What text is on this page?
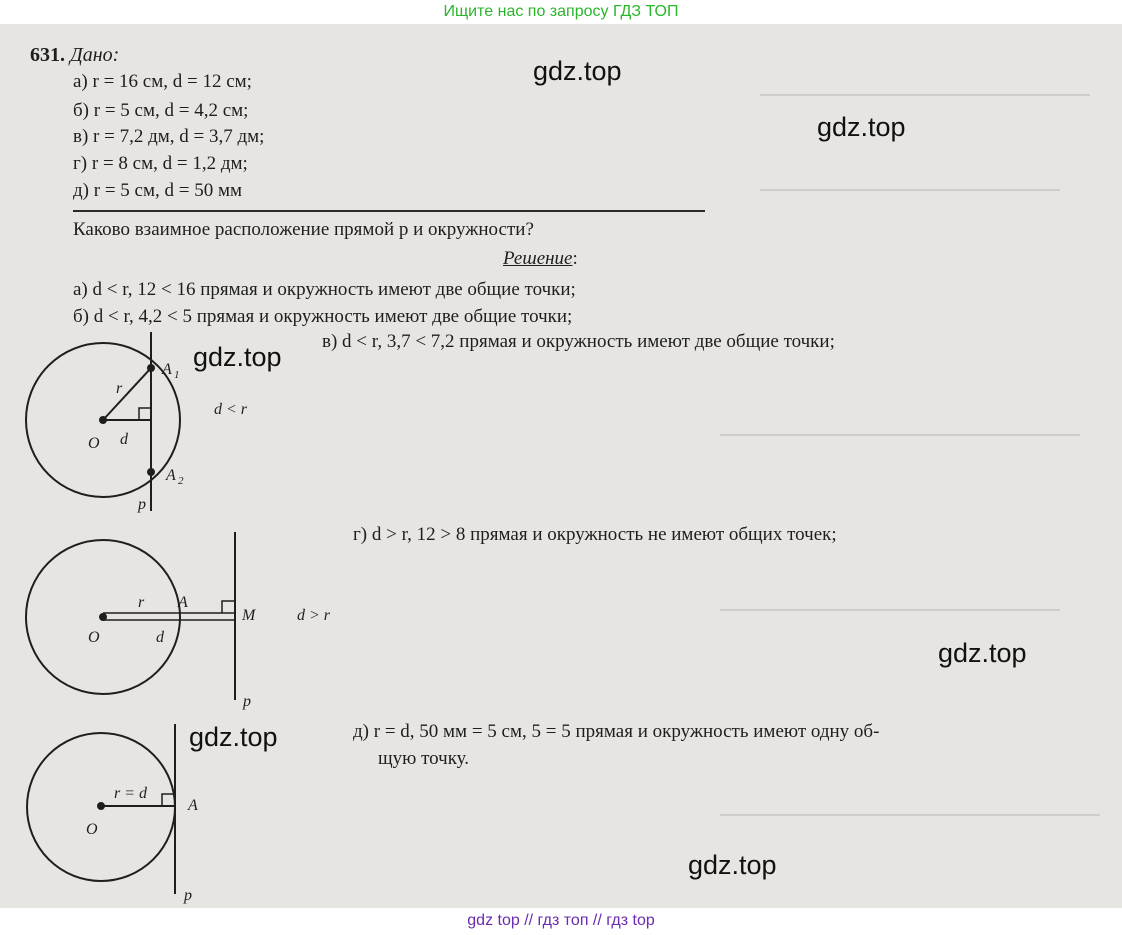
Ищите нас по запросу ГДЗ ТОП
631. Дано:
а) r = 16 см, d = 12 см;
б) r = 5 см, d = 4,2 см;
в) r = 7,2 дм, d = 3,7 дм;
г) r = 8 см, d = 1,2 дм;
д) r = 5 см, d = 50 мм
Каково взаимное расположение прямой p и окружности?
Решение:
а) d < r, 12 < 16 прямая и окружность имеют две общие точки;
б) d < r, 4,2 < 5 прямая и окружность имеют две общие точки;
в) d < r, 3,7 < 7,2 прямая и окружность имеют две общие точки;
г) d > r, 12 > 8 прямая и окружность не имеют общих точек;
д) r = d, 50 мм = 5 см, 5 = 5 прямая и окружность имеют одну об-
щую точку.
O
r
d
A 1
A 2
p
d < r
O
r
d
A
M
p
d > r
O
r = d
A
p
gdz.top
gdz.top
gdz.top
gdz.top
gdz.top
gdz.top
gdz top // гдз топ // гдз top
